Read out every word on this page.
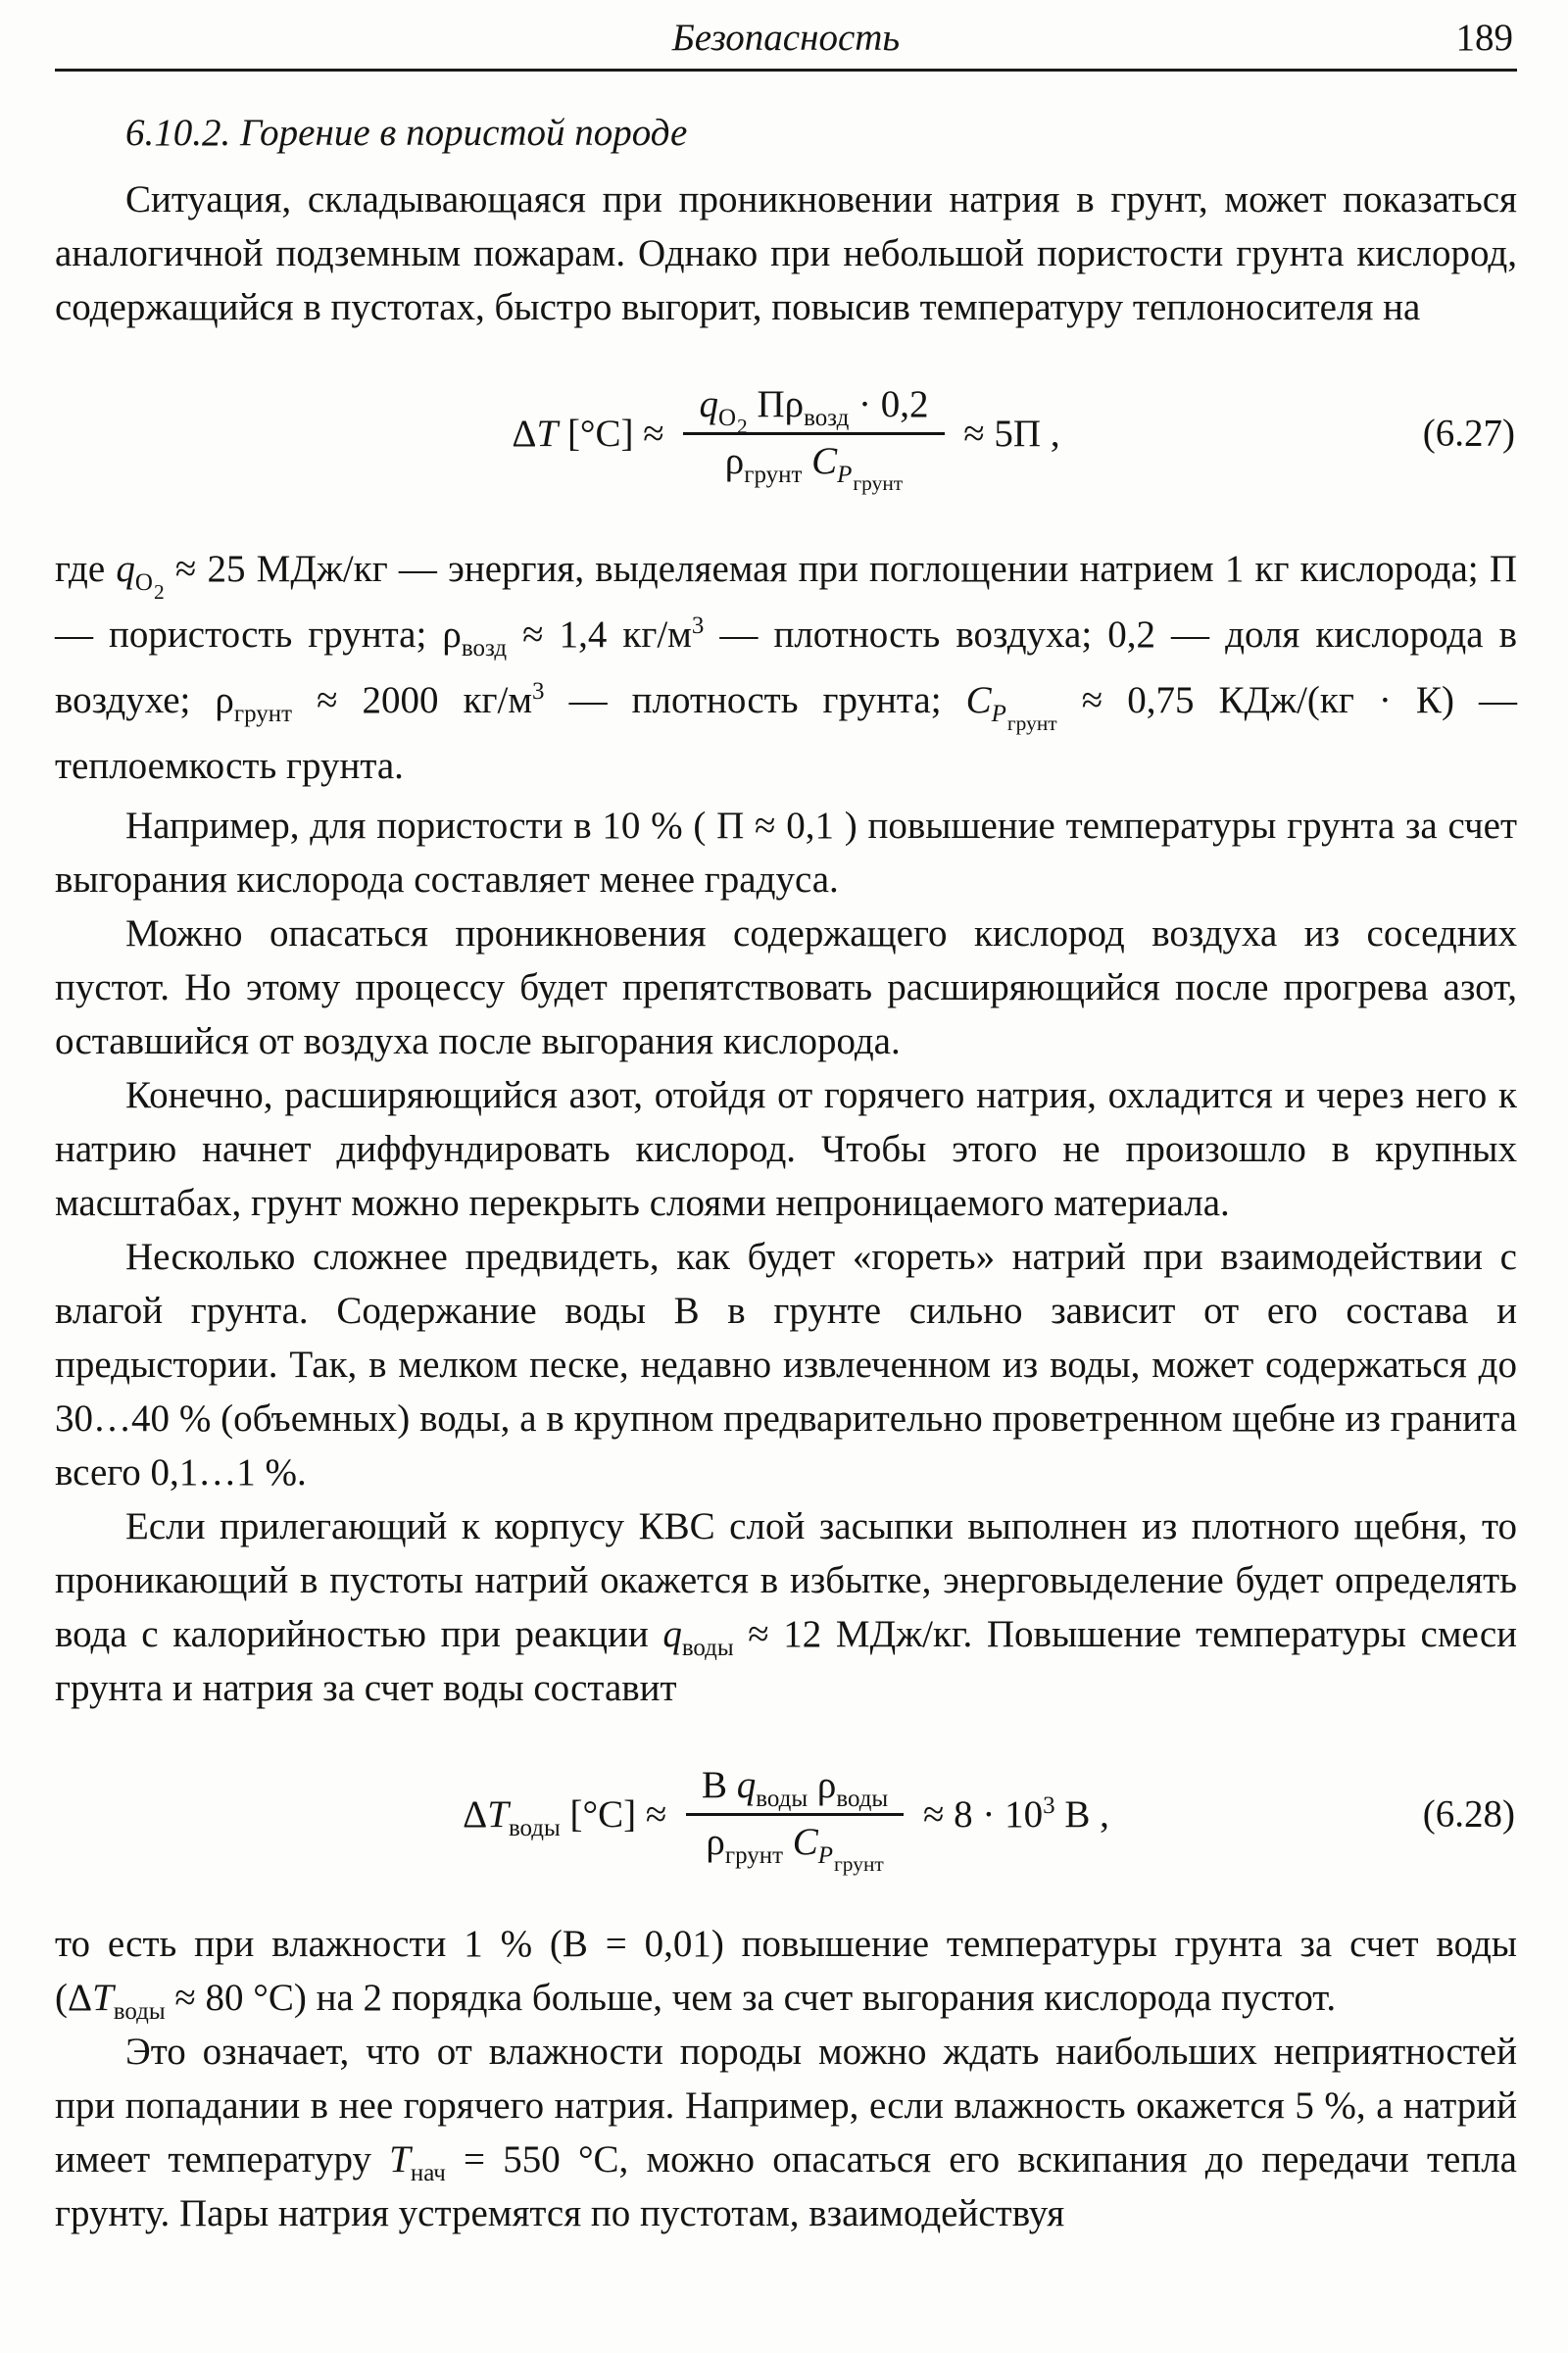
Безопасность	189
6.10.2. Горение в пористой породе

Ситуация, складывающаяся при проникновении натрия в грунт, может показаться аналогичной подземным пожарам. Однако при небольшой пористости грунта кислород, содержащийся в пустотах, быстро выгорит, повысив температуру теплоносителя на

ΔT $[^\circ С] \approx \frac{q_{O2} П\rho_{возд} \cdot 0,2}{\rho_{грунт} C_{Pгрунт}} \approx 5П$ ,	(6.27)

где $q_{O2} \approx 25$ МДж/кг — энергия, выделяемая при поглощении натрием 1 кг кислорода; П — пористость грунта; $\rho_{возд} \approx 1,4$ $кг/м^3$ — плотность воздуха; 0,2 — доля кислорода в воздухе; $\rho_{грунт} \approx 2000$ $кг/м^3$ — плотность грунта; $C_{Pгрунт} \approx 0,75$ КДж/(кг · К) — теплоемкость грунта.

Например, для пористости в 10 % ( П ≈ 0,1 ) повышение температуры грунта за счет выгорания кислорода составляет менее градуса.

Можно опасаться проникновения содержащего кислород воздуха из соседних пустот. Но этому процессу будет препятствовать расширяющийся после прогрева азот, оставшийся от воздуха после выгорания кислорода.

Конечно, расширяющийся азот, отойдя от горячего натрия, охладится и через него к натрию начнет диффундировать кислород. Чтобы этого не произошло в крупных масштабах, грунт можно перекрыть слоями непроницаемого материала.

Несколько сложнее предвидеть, как будет «гореть» натрий при взаимодействии с влагой грунта. Содержание воды В в грунте сильно зависит от его состава и предыстории. Так, в мелком песке, недавно извлеченном из воды, может содержаться до 30…40 % (объемных) воды, а в крупном предварительно проветренном щебне из гранита всего 0,1…1 %.

Если прилегающий к корпусу КВС слой засыпки выполнен из плотного щебня, то проникающий в пустоты натрий окажется в избытке, энерговыделение будет определять вода с калорийностью при реакции $q_{воды} \approx 12$ МДж/кг. Повышение температуры смеси грунта и натрия за счет воды составит

$\Delta T_{воды}$ $[^\circ С] \approx \frac{В q_{воды} \rho_{воды}}{\rho_{грунт} C_{Pгрунт}} \approx 8 \cdot 10^3$ В ,	(6.28)

то есть при влажности 1 % (В = 0,01) повышение температуры грунта за счет воды ($\Delta T_{воды} \approx 80$ °С) на 2 порядка больше, чем за счет выгорания кислорода пустот.

Это означает, что от влажности породы можно ждать наибольших неприятностей при попадании в нее горячего натрия. Например, если влажность окажется 5 %, а натрий имеет температуру $T_{нач} = 550$ °С, можно опасаться его вскипания до передачи тепла грунту. Пары натрия устремятся по пустотам, взаимодействуя
